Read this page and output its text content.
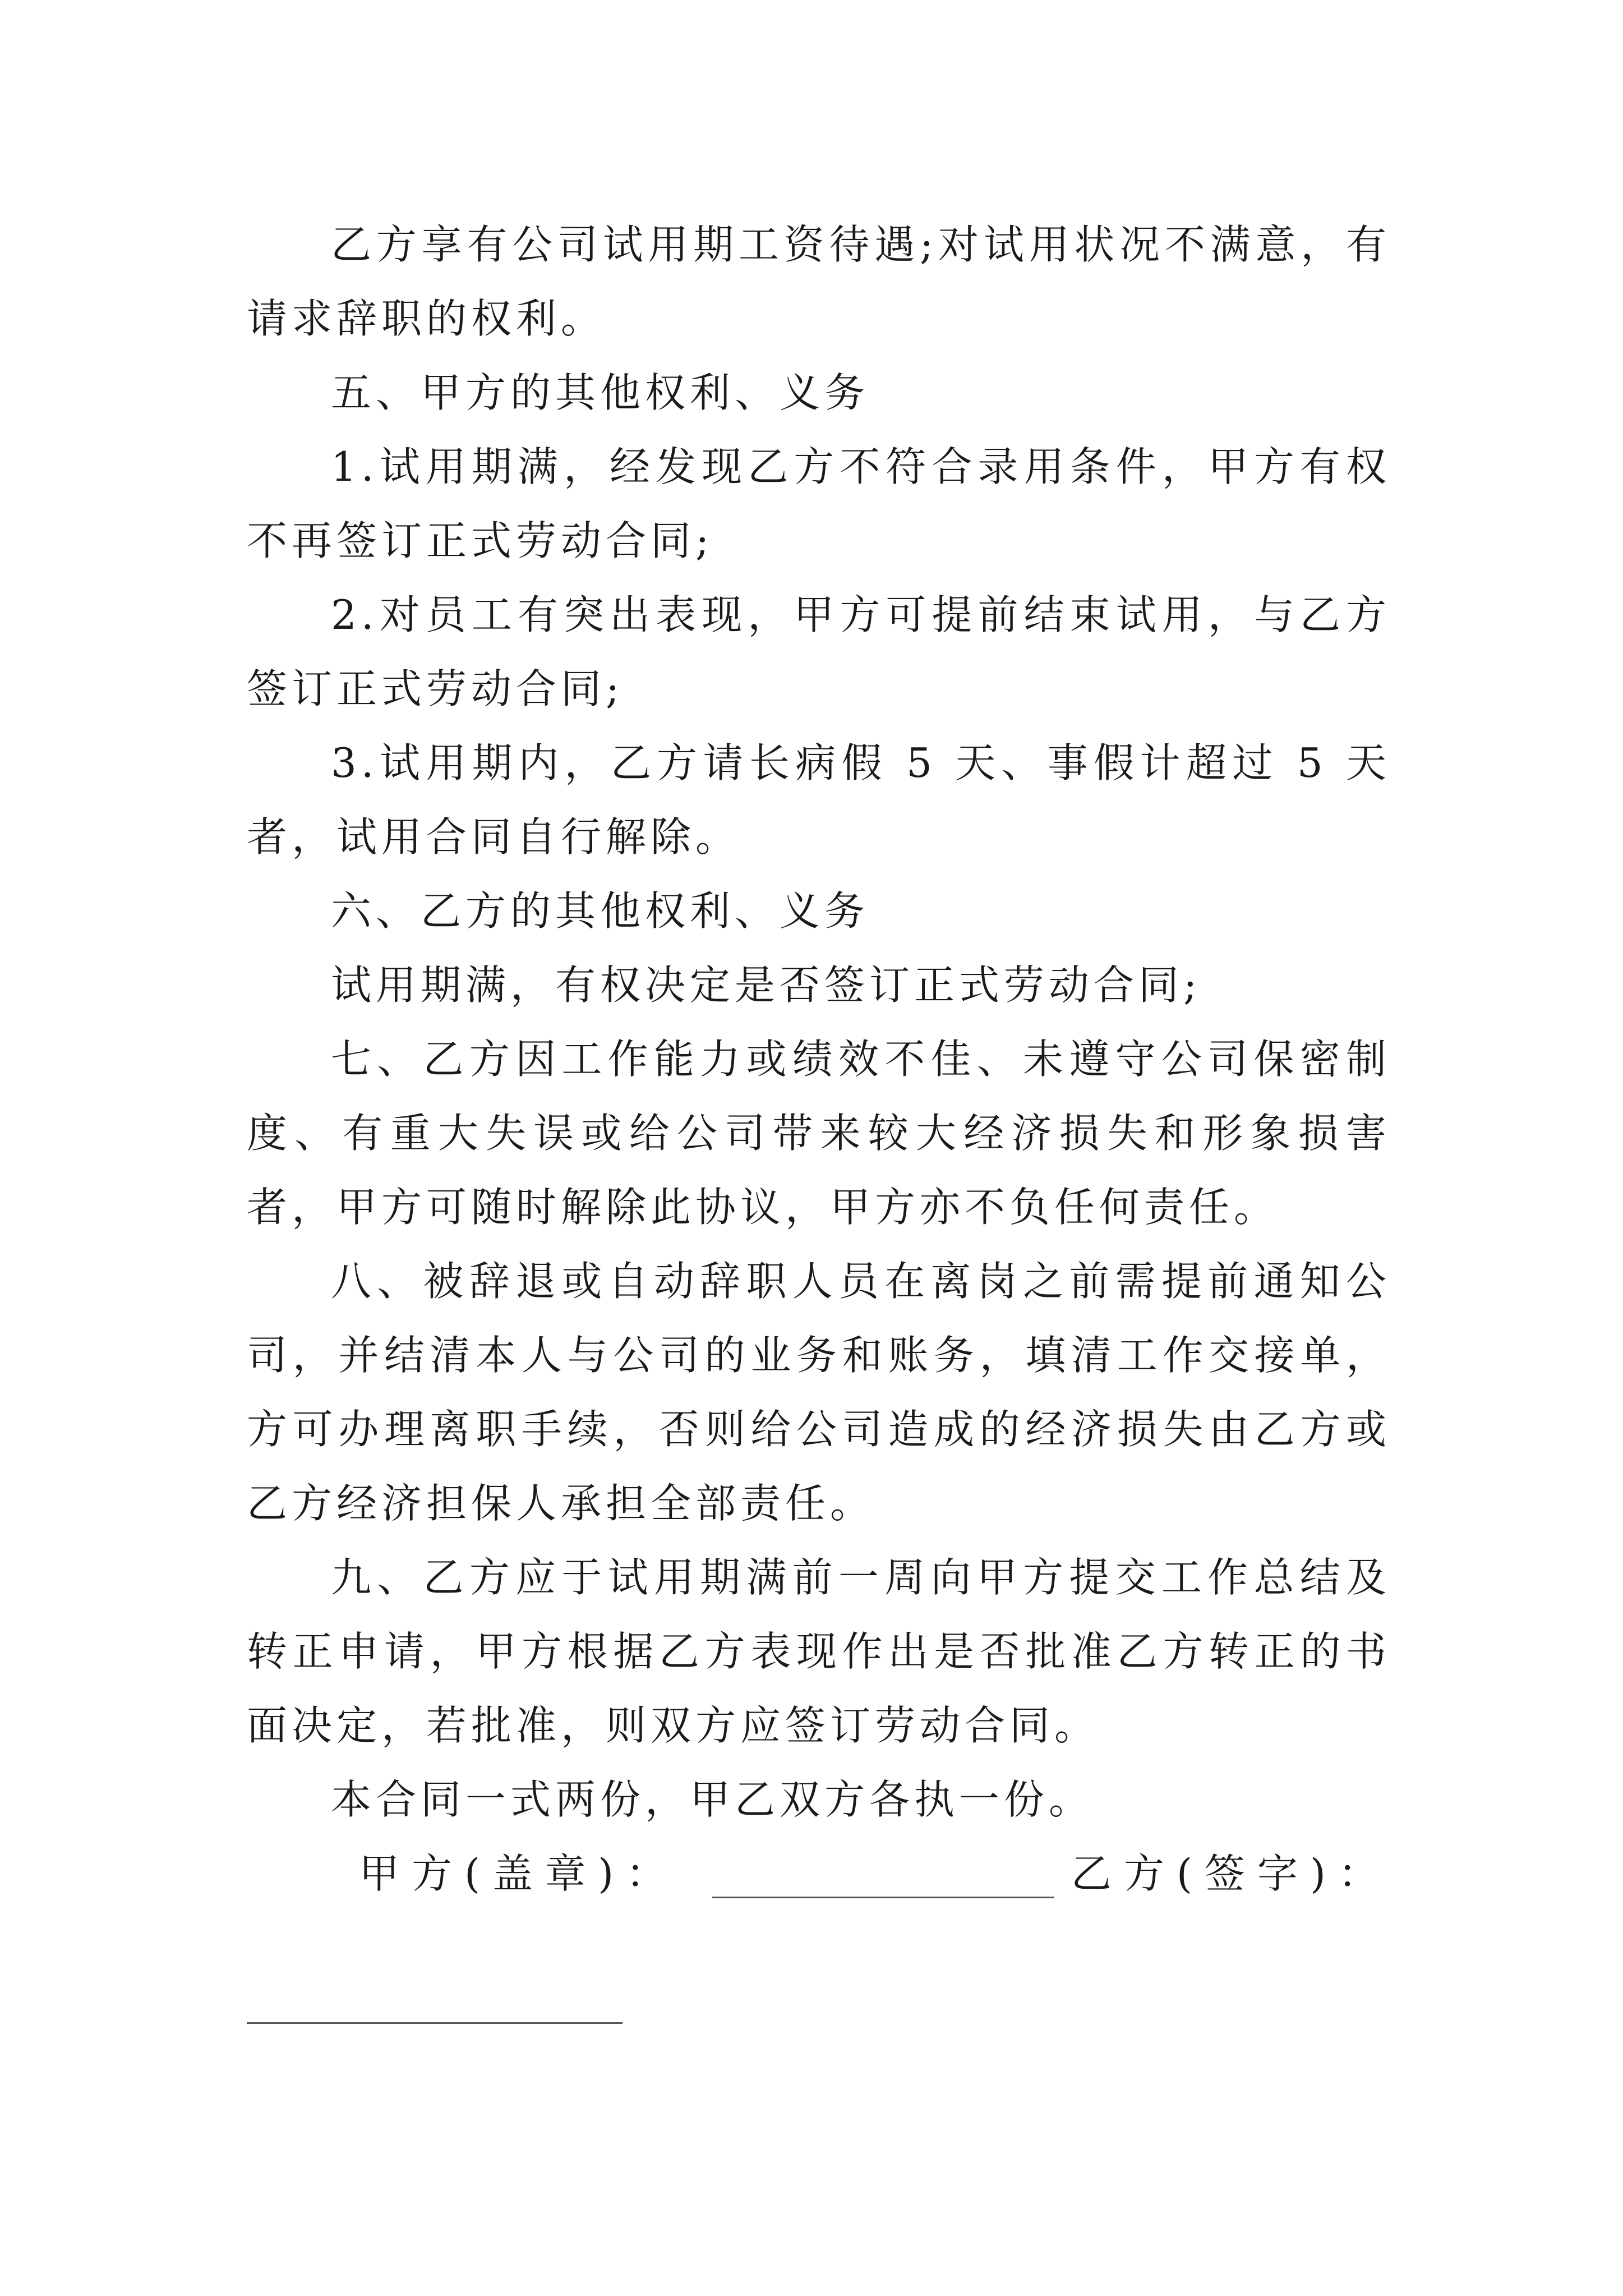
乙方享有公司试用期工资待遇;对试用状况不满意，有请求辞职的权利。

五、甲方的其他权利、义务

1.试用期满，经发现乙方不符合录用条件，甲方有权不再签订正式劳动合同;

2.对员工有突出表现，甲方可提前结束试用，与乙方签订正式劳动合同;

3.试用期内，乙方请长病假 5 天、事假计超过 5 天者，试用合同自行解除。

六、乙方的其他权利、义务

试用期满，有权决定是否签订正式劳动合同;

七、乙方因工作能力或绩效不佳、未遵守公司保密制度、有重大失误或给公司带来较大经济损失和形象损害者，甲方可随时解除此协议，甲方亦不负任何责任。

八、被辞退或自动辞职人员在离岗之前需提前通知公司，并结清本人与公司的业务和账务，填清工作交接单，方可办理离职手续，否则给公司造成的经济损失由乙方或乙方经济担保人承担全部责任。

九、乙方应于试用期满前一周向甲方提交工作总结及转正申请，甲方根据乙方表现作出是否批准乙方转正的书面决定，若批准，则双方应签订劳动合同。

本合同一式两份，甲乙双方各执一份。

甲方(盖章)：	乙方(签字)：
